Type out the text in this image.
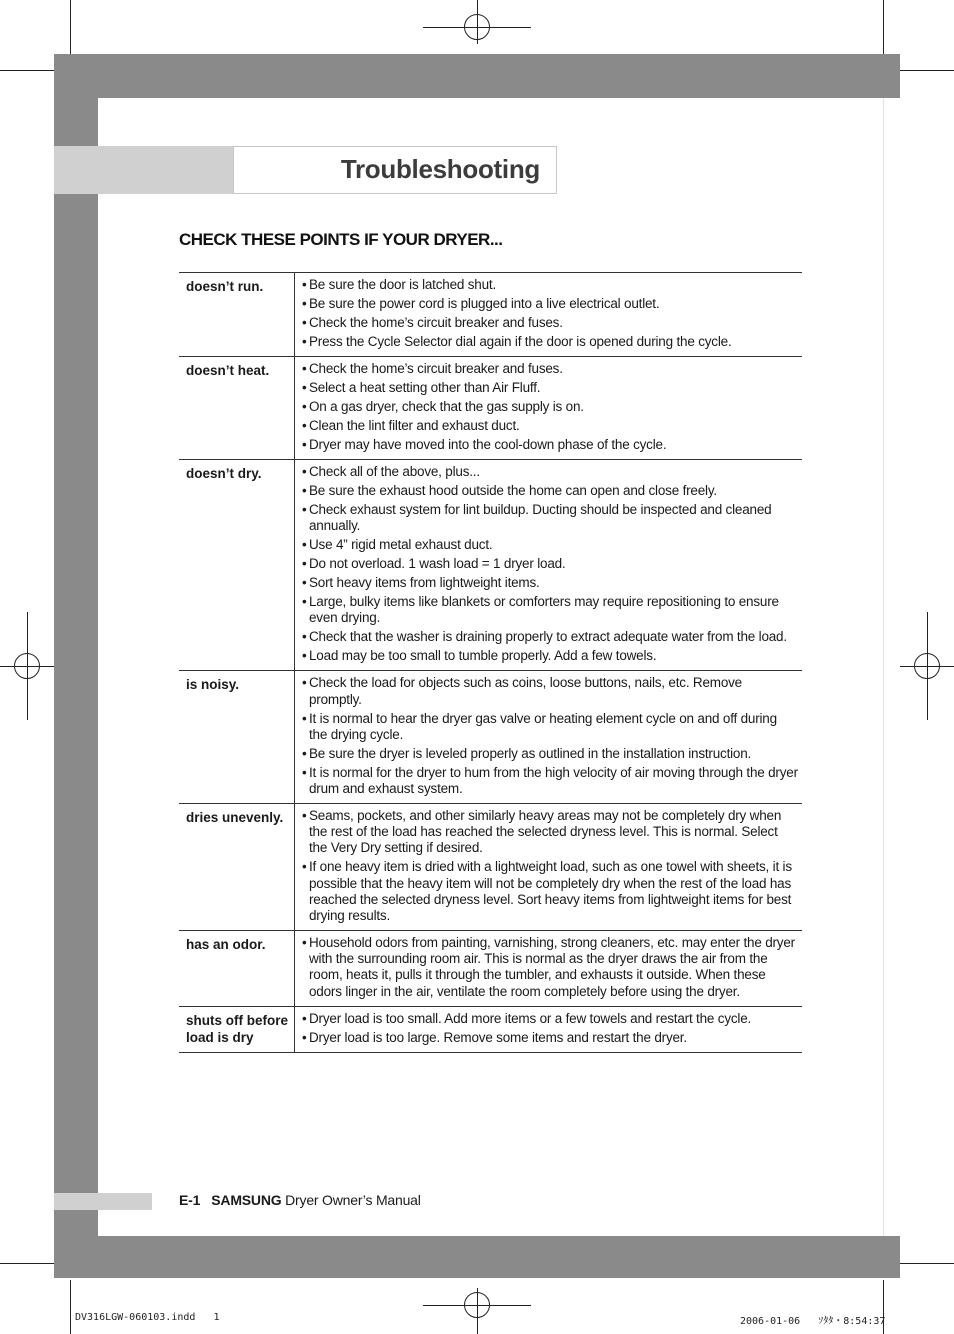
Troubleshooting
CHECK THESE POINTS IF YOUR DRYER...
doesn’t run.	• Be sure the door is latched shut.
• Be sure the power cord is plugged into a live electrical outlet.
• Check the home’s circuit breaker and fuses.
• Press the Cycle Selector dial again if the door is opened during the cycle.
doesn’t heat.	• Check the home’s circuit breaker and fuses.
• Select a heat setting other than Air Fluff.
• On a gas dryer, check that the gas supply is on.
• Clean the lint filter and exhaust duct.
• Dryer may have moved into the cool-down phase of the cycle.
doesn’t dry.	• Check all of the above, plus...
• Be sure the exhaust hood outside the home can open and close freely.
• Check exhaust system for lint buildup. Ducting should be inspected and cleaned annually.
• Use 4” rigid metal exhaust duct.
• Do not overload. 1 wash load = 1 dryer load.
• Sort heavy items from lightweight items.
• Large, bulky items like blankets or comforters may require repositioning to ensure even drying.
• Check that the washer is draining properly to extract adequate water from the load.
• Load may be too small to tumble properly. Add a few towels.
is noisy.	• Check the load for objects such as coins, loose buttons, nails, etc. Remove promptly.
• It is normal to hear the dryer gas valve or heating element cycle on and off during the drying cycle.
• Be sure the dryer is leveled properly as outlined in the installation instruction.
• It is normal for the dryer to hum from the high velocity of air moving through the dryer drum and exhaust system.
dries unevenly.	• Seams, pockets, and other similarly heavy areas may not be completely dry when the rest of the load has reached the selected dryness level. This is normal. Select the Very Dry setting if desired.
• If one heavy item is dried with a lightweight load, such as one towel with sheets, it is possible that the heavy item will not be completely dry when the rest of the load has reached the selected dryness level. Sort heavy items from lightweight items for best drying results.
has an odor.	• Household odors from painting, varnishing, strong cleaners, etc. may enter the dryer with the surrounding room air. This is normal as the dryer draws the air from the room, heats it, pulls it through the tumbler, and exhausts it outside. When these odors linger in the air, ventilate the room completely before using the dryer.
shuts off before load is dry
• Dryer load is too small. Add more items or a few towels and restart the cycle.
• Dryer load is too large. Remove some items and restart the dryer.
E-1 SAMSUNG Dryer Owner’s Manual
DV316LGW-060103.indd   1	2006-01-06   ｿﾀﾀ・8:54:37
